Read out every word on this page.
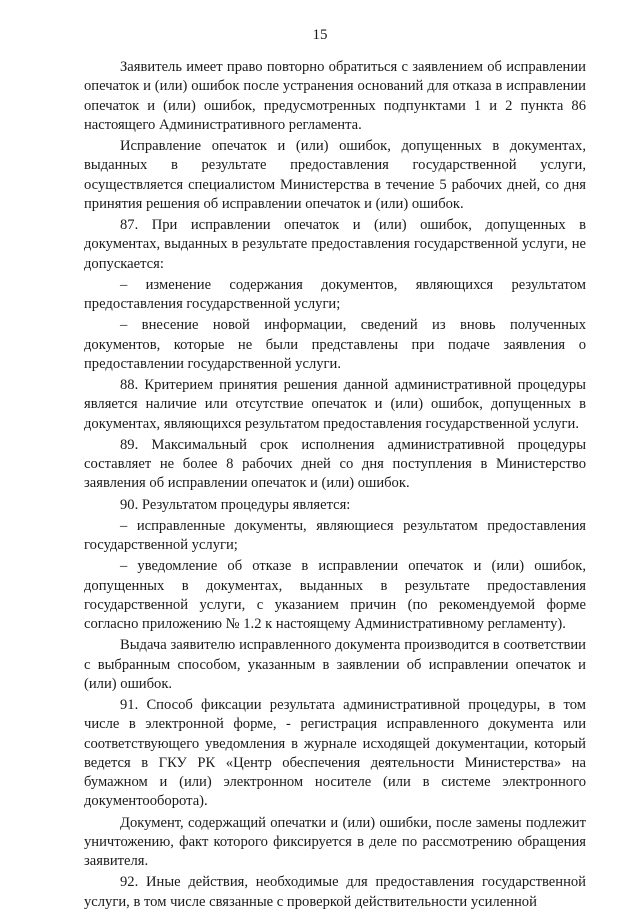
15

Заявитель имеет право повторно обратиться с заявлением об исправлении опечаток и (или) ошибок после устранения оснований для отказа в исправлении опечаток и (или) ошибок, предусмотренных подпунктами 1 и 2 пункта 86 настоящего Административного регламента.

Исправление опечаток и (или) ошибок, допущенных в документах, выданных в результате предоставления государственной услуги, осуществляется специалистом Министерства в течение 5 рабочих дней, со дня принятия решения об исправлении опечаток и (или) ошибок.

87. При исправлении опечаток и (или) ошибок, допущенных в документах, выданных в результате предоставления государственной услуги, не допускается:

– изменение содержания документов, являющихся результатом предоставления государственной услуги;

– внесение новой информации, сведений из вновь полученных документов, которые не были представлены при подаче заявления о предоставлении государственной услуги.

88. Критерием принятия решения данной административной процедуры является наличие или отсутствие опечаток и (или) ошибок, допущенных в документах, являющихся результатом предоставления государственной услуги.

89. Максимальный срок исполнения административной процедуры составляет не более 8 рабочих дней со дня поступления в Министерство заявления об исправлении опечаток и (или) ошибок.

90. Результатом процедуры является:

– исправленные документы, являющиеся результатом предоставления государственной услуги;

– уведомление об отказе в исправлении опечаток и (или) ошибок, допущенных в документах, выданных в результате предоставления государственной услуги, с указанием причин (по рекомендуемой форме согласно приложению № 1.2 к настоящему Административному регламенту).

Выдача заявителю исправленного документа производится в соответствии с выбранным способом, указанным в заявлении об исправлении опечаток и (или) ошибок.

91. Способ фиксации результата административной процедуры, в том числе в электронной форме, - регистрация исправленного документа или соответствующего уведомления в журнале исходящей документации, который ведется в ГКУ РК «Центр обеспечения деятельности Министерства» на бумажном и (или) электронном носителе (или в системе электронного документооборота).

Документ, содержащий опечатки и (или) ошибки, после замены подлежит уничтожению, факт которого фиксируется в деле по рассмотрению обращения заявителя.

92. Иные действия, необходимые для предоставления государственной услуги, в том числе связанные с проверкой действительности усиленной
